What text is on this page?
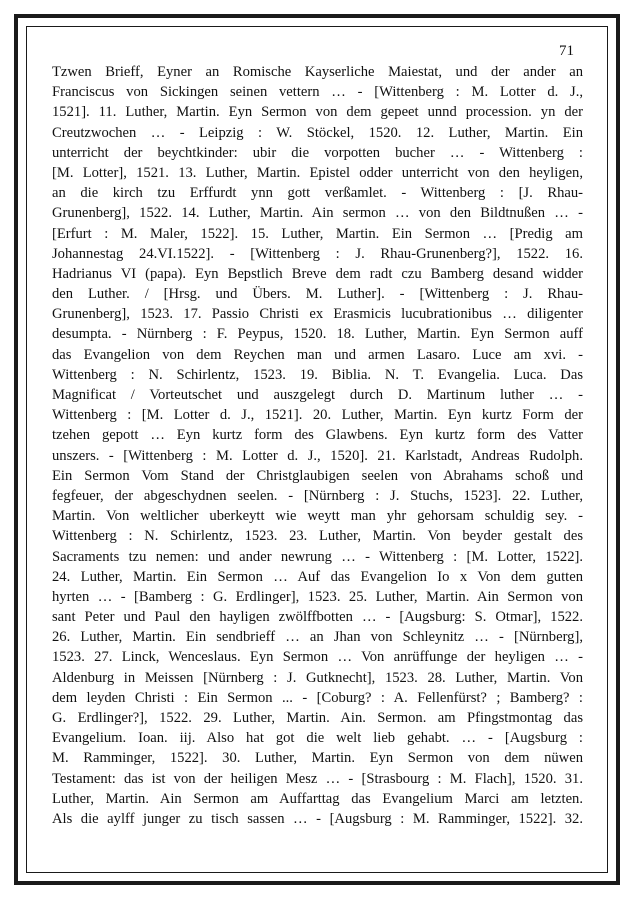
71
Tzwen Brieff, Eyner an Romische Kayserliche Maiestat, und der ander an
Franciscus von Sickingen seinen vettern … - [Wittenberg : M. Lotter d. J.,
1521]. 11. Luther, Martin. Eyn Sermon von dem gepeet unnd procession. yn der
Creutzwochen … - Leipzig : W. Stöckel, 1520. 12. Luther, Martin. Ein
unterricht der beychtkinder: ubir die vorpotten bucher … - Wittenberg :
[M. Lotter], 1521. 13. Luther, Martin. Epistel odder unterricht von den heyligen,
an die kirch tzu Erffurdt ynn gott verßamlet. - Wittenberg : [J. Rhau-
Grunenberg], 1522. 14. Luther, Martin. Ain sermon … von den Bildtnußen … -
[Erfurt : M. Maler, 1522]. 15. Luther, Martin. Ein Sermon … [Predig am
Johannestag 24.VI.1522]. - [Wittenberg : J. Rhau-Grunenberg?], 1522. 16.
Hadrianus VI (papa). Eyn Bepstlich Breve dem radt czu Bamberg desand widder
den Luther. / [Hrsg. und Übers. M. Luther]. - [Wittenberg : J. Rhau-
Grunenberg], 1523. 17. Passio Christi ex Erasmicis lucubrationibus … diligenter
desumpta. - Nürnberg : F. Peypus, 1520. 18. Luther, Martin. Eyn Sermon auff
das Evangelion von dem Reychen man und armen Lasaro. Luce am xvi. -
Wittenberg : N. Schirlentz, 1523. 19. Biblia. N. T. Evangelia. Luca. Das
Magnificat / Vorteutschet und auszgelegt durch D. Martinum luther … -
Wittenberg : [M. Lotter d. J., 1521]. 20. Luther, Martin. Eyn kurtz Form der
tzehen gepott … Eyn kurtz form des Glawbens. Eyn kurtz form des Vatter
unszers. - [Wittenberg : M. Lotter d. J., 1520]. 21. Karlstadt, Andreas Rudolph.
Ein Sermon Vom Stand der Christglaubigen seelen von Abrahams schoß und
fegfeuer, der abgeschydnen seelen. - [Nürnberg : J. Stuchs, 1523]. 22. Luther,
Martin. Von weltlicher uberkeytt wie weytt man yhr gehorsam schuldig sey. -
Wittenberg : N. Schirlentz, 1523. 23. Luther, Martin. Von beyder gestalt des
Sacraments tzu nemen: und ander newrung … - Wittenberg : [M. Lotter, 1522].
24. Luther, Martin. Ein Sermon … Auf das Evangelion Io x Von dem gutten
hyrten … - [Bamberg : G. Erdlinger], 1523. 25. Luther, Martin. Ain Sermon von
sant Peter und Paul den hayligen zwölffbotten … - [Augsburg: S. Otmar], 1522.
26. Luther, Martin. Ein sendbrieff … an Jhan von Schleynitz … - [Nürnberg],
1523. 27. Linck, Wenceslaus. Eyn Sermon … Von anrüffunge der heyligen … -
Aldenburg in Meissen [Nürnberg : J. Gutknecht], 1523. 28. Luther, Martin. Von
dem leyden Christi : Ein Sermon ... - [Coburg? : A. Fellenfürst? ; Bamberg? :
G. Erdlinger?], 1522. 29. Luther, Martin. Ain. Sermon. am Pfingstmontag das
Evangelium. Ioan. iij. Also hat got die welt lieb gehabt. … - [Augsburg :
M. Ramminger, 1522]. 30. Luther, Martin. Eyn Sermon von dem nüwen
Testament: das ist von der heiligen Mesz … - [Strasbourg : M. Flach], 1520. 31.
Luther, Martin. Ain Sermon am Auffarttag das Evangelium Marci am letzten.
Als die aylff junger zu tisch sassen … - [Augsburg : M. Ramminger, 1522]. 32.
